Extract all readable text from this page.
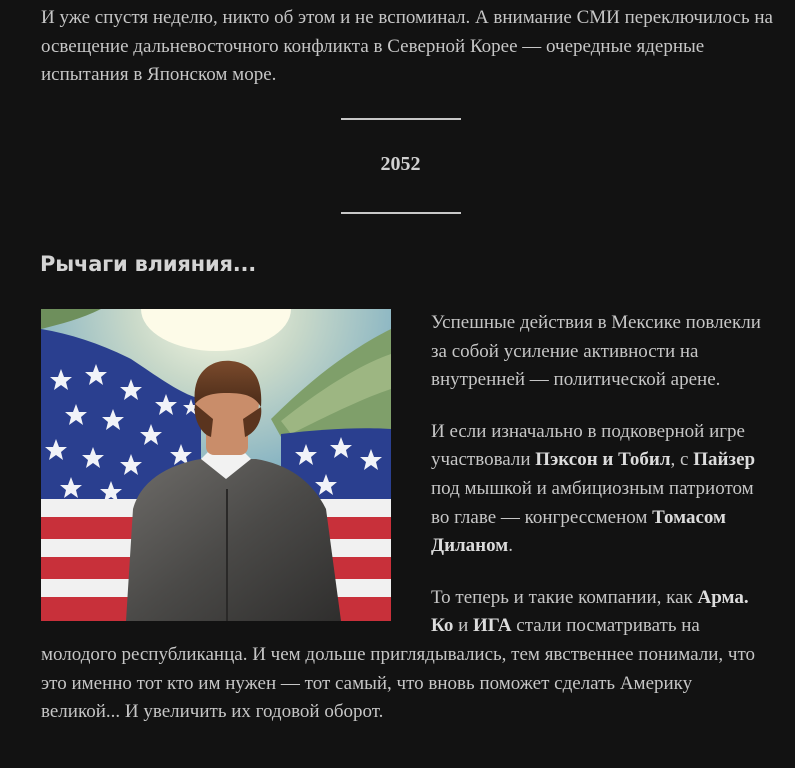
И уже спустя неделю, никто об этом и не вспоминал. А внимание СМИ переключилось на освещение дальневосточного конфликта в Северной Корее — очередные ядерные испытания в Японском море.

2052
Рычаги влияния...

Успешные действия в Мексике повлекли за собой усиление активности на внутренней — политической арене.

И если изначально в подковерной игре участвовали Пэксон и Тобил, с Пайзер под мышкой и амбициозным патриотом во главе — конгрессменом Томасом Диланом.

То теперь и такие компании, как Арма. Ко и ИГА стали посматривать на молодого республиканца. И чем дольше приглядывались, тем явственнее понимали, что это именно тот кто им нужен — тот самый, что вновь поможет сделать Америку великой... И увеличить их годовой оборот.
